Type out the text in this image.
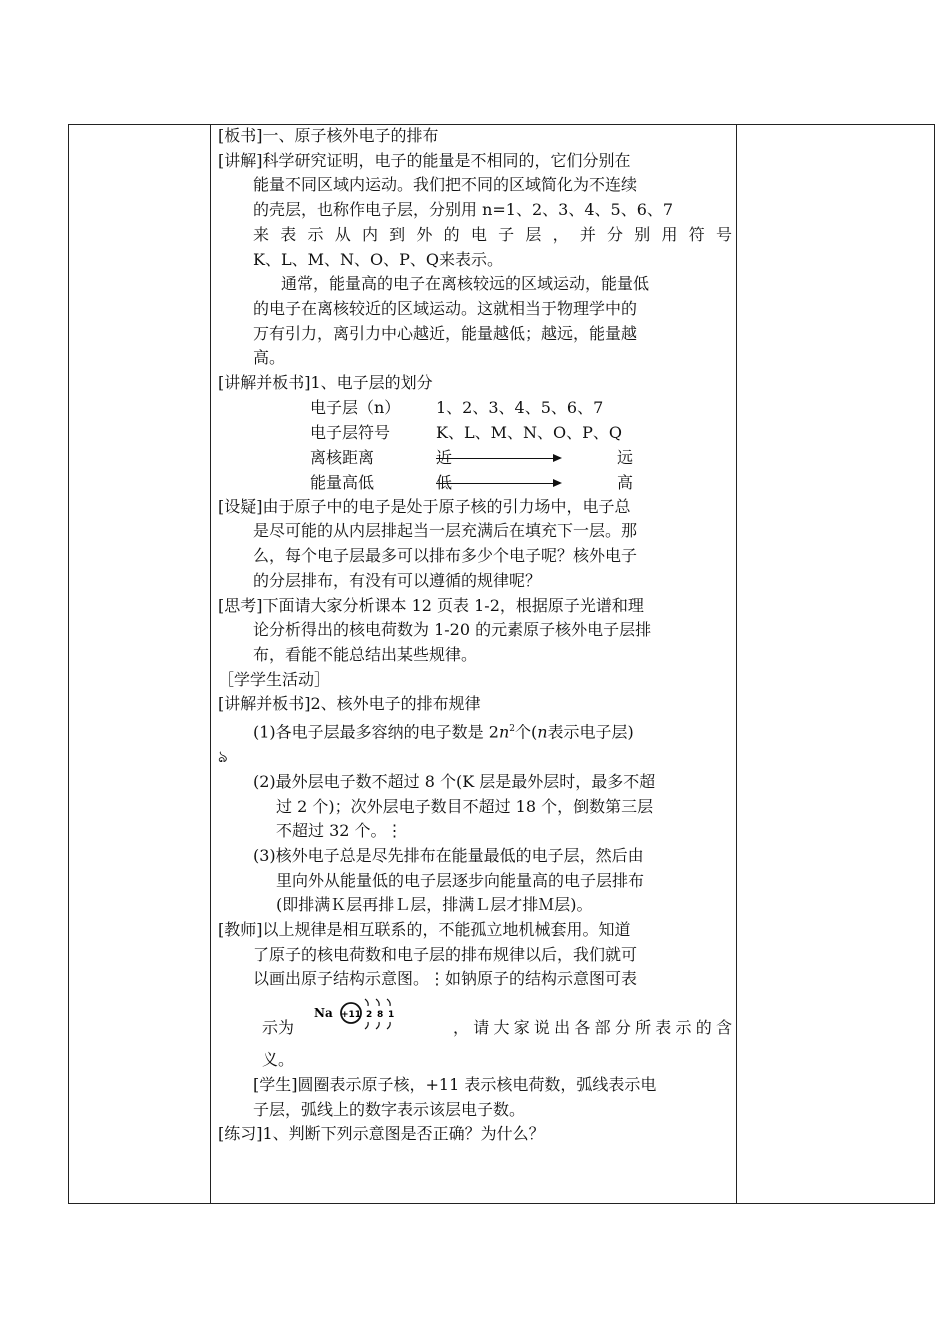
[板书]一、原子核外电子的排布

[讲解]科学研究证明，电子的能量是不相同的，它们分别在

能量不同区域内运动。我们把不同的区域简化为不连续

的壳层，也称作电子层，分别用 n=1、2、3、4、5、6、7

来表示从内到外的电子层，并分别用符号

K、L、M、N、O、P、Q来表示。

通常，能量高的电子在离核较远的区域运动，能量低

的电子在离核较近的区域运动。这就相当于物理学中的

万有引力，离引力中心越近，能量越低；越远，能量越

高。

[讲解并板书]1、电子层的划分

电子层（n） 1、2、3、4、5、6、7
电子层符号	K、L、M、N、O、P、Q
离核距离	近	远
能量高低	低	高

[设疑]由于原子中的电子是处于原子核的引力场中，电子总

是尽可能的从内层排起当一层充满后在填充下一层。那

么，每个电子层最多可以排布多少个电子呢？核外电子

的分层排布，有没有可以遵循的规律呢？

[思考]下面请大家分析课本 12 页表 1-2，根据原子光谱和理

论分析得出的核电荷数为 1-20 的元素原子核外电子层排

布，看能不能总结出某些规律。

［学学生活动］

[讲解并板书]2、核外电子的排布规律

(1)各电子层最多容纳的电子数是 $2n^2$个(n表示电子层)

ঌ

(2)最外层电子数不超过 8 个(K 层是最外层时，最多不超

过 2 个)；次外层电子数目不超过 18 个，倒数第三层

不超过 32 个。⋮

(3)核外电子总是尽先排布在能量最低的电子层，然后由

里向外从能量低的电子层逐步向能量高的电子层排布

(即排满Ｋ层再排Ｌ层，排满Ｌ层才排Ｍ层)。

[教师]以上规律是相互联系的，不能孤立地机械套用。知道

了原子的核电荷数和电子层的排布规律以后，我们就可

以画出原子结构示意图。⋮如钠原子的结构示意图可表

示为
Na +11 2 8 1
，请大家说出各部分所表示的含

义。

[学生]圆圈表示原子核，+11 表示核电荷数，弧线表示电

子层，弧线上的数字表示该层电子数。

[练习]1、判断下列示意图是否正确？为什么？
